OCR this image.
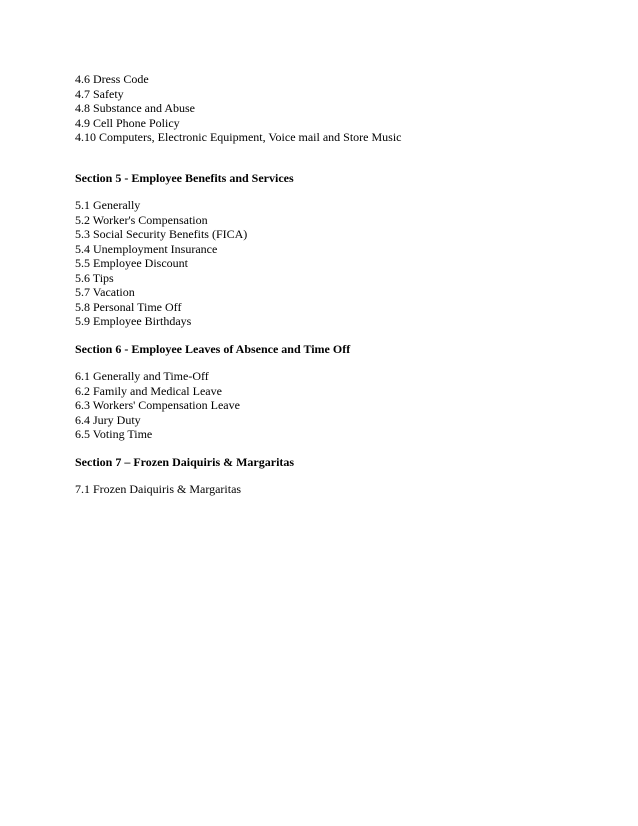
4.6 Dress Code
4.7 Safety
4.8 Substance and Abuse
4.9 Cell Phone Policy
4.10 Computers, Electronic Equipment, Voice mail and Store Music
Section 5 - Employee Benefits and Services
5.1 Generally
5.2 Worker's Compensation
5.3 Social Security Benefits (FICA)
5.4 Unemployment Insurance
5.5 Employee Discount
5.6 Tips
5.7 Vacation
5.8 Personal Time Off
5.9 Employee Birthdays
Section 6 - Employee Leaves of Absence and Time Off
6.1 Generally and Time-Off
6.2 Family and Medical Leave
6.3 Workers' Compensation Leave
6.4 Jury Duty
6.5 Voting Time
Section 7 – Frozen Daiquiris & Margaritas
7.1 Frozen Daiquiris & Margaritas
